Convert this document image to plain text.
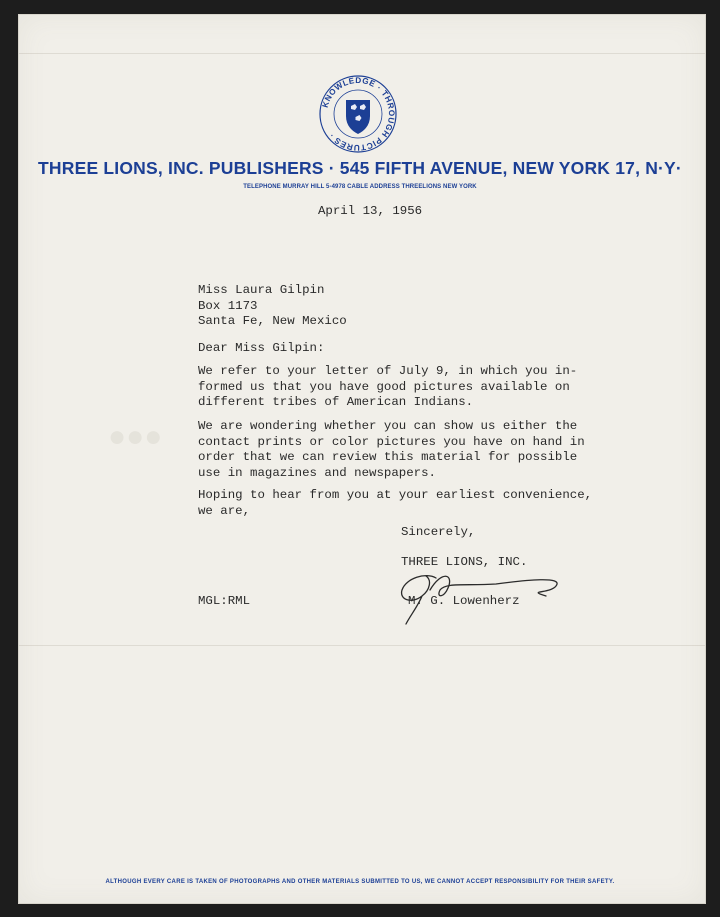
●●●
KNOWLEDGE · THROUGH PICTURES ·
THREE LIONS, INC. PUBLISHERS · 545 FIFTH AVENUE, NEW YORK 17, N·Y·
TELEPHONE MURRAY HILL 5-4978 CABLE ADDRESS THREELIONS NEW YORK
April 13, 1956
Miss Laura Gilpin
Box 1173
Santa Fe, New Mexico
Dear Miss Gilpin:
We refer to your letter of July 9, in which you in-
formed us that you have good pictures available on
different tribes of American Indians.
We are wondering whether you can show us either the
contact prints or color pictures you have on hand in
order that we can review this material for possible
use in magazines and newspapers.
Hoping to hear from you at your earliest convenience,
we are,
Sincerely,
THREE LIONS, INC.
MGL:RML	M. G. Lowenherz
ALTHOUGH EVERY CARE IS TAKEN OF PHOTOGRAPHS AND OTHER MATERIALS SUBMITTED TO US, WE CANNOT ACCEPT RESPONSIBILITY FOR THEIR SAFETY.
